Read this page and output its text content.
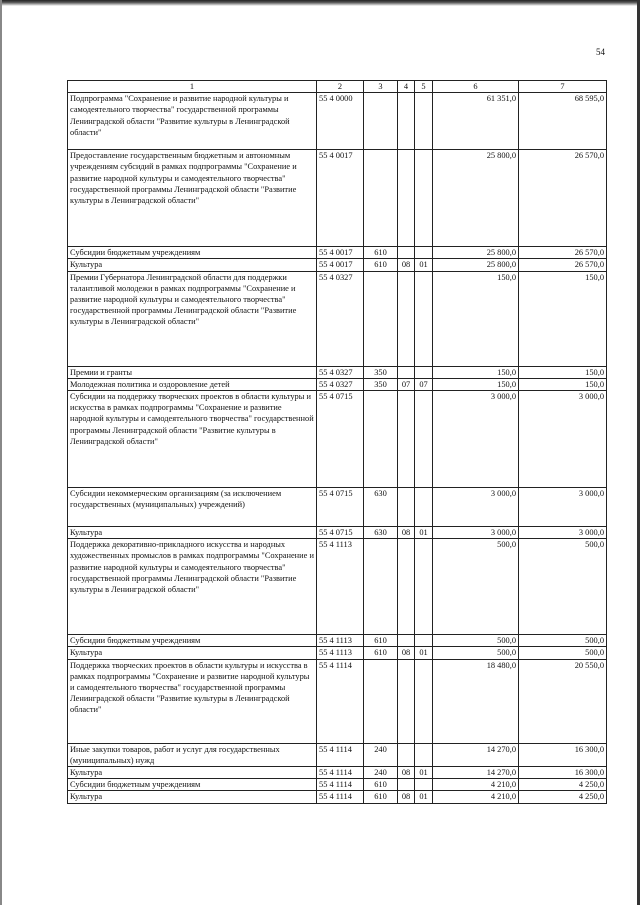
54
1	2	3	4	5	6	7
Подпрограмма "Сохранение и развитие народной культуры и самодеятельного творчества" государственной программы Ленинградской области "Развитие культуры в Ленинградской области"	55 4 0000				61 351,0	68 595,0
Предоставление государственным бюджетным и автономным учреждениям субсидий в рамках подпрограммы "Сохранение и развитие народной культуры и самодеятельного творчества" государственной программы Ленинградской области "Развитие культуры в Ленинградской области"	55 4 0017				25 800,0	26 570,0
Субсидии бюджетным учреждениям	55 4 0017	610			25 800,0	26 570,0
Культура	55 4 0017	610	08	01	25 800,0	26 570,0
Премии Губернатора Ленинградской области для поддержки талантливой молодежи в рамках подпрограммы "Сохранение и развитие народной культуры и самодеятельного творчества" государственной программы Ленинградской области "Развитие культуры в Ленинградской области"	55 4 0327				150,0	150,0
Премии и гранты	55 4 0327	350			150,0	150,0
Молодежная политика и оздоровление детей	55 4 0327	350	07	07	150,0	150,0
Субсидии на поддержку творческих проектов в области культуры и искусства в рамках подпрограммы "Сохранение и развитие народной культуры и самодеятельного творчества" государственной программы Ленинградской области "Развитие культуры в Ленинградской области"	55 4 0715				3 000,0	3 000,0
Субсидии некоммерческим организациям (за исключением государственных (муниципальных) учреждений)	55 4 0715	630			3 000,0	3 000,0
Культура	55 4 0715	630	08	01	3 000,0	3 000,0
Поддержка декоративно-прикладного искусства и народных художественных промыслов в рамках подпрограммы "Сохранение и развитие народной культуры и самодеятельного творчества" государственной программы Ленинградской области "Развитие культуры в Ленинградской области"	55 4 1113				500,0	500,0
Субсидии бюджетным учреждениям	55 4 1113	610			500,0	500,0
Культура	55 4 1113	610	08	01	500,0	500,0
Поддержка творческих проектов в области культуры и искусства в рамках подпрограммы "Сохранение и развитие народной культуры и самодеятельного творчества" государственной программы Ленинградской области "Развитие культуры в Ленинградской области"	55 4 1114				18 480,0	20 550,0
Иные закупки товаров, работ и услуг для государственных (муниципальных) нужд	55 4 1114	240			14 270,0	16 300,0
Культура	55 4 1114	240	08	01	14 270,0	16 300,0
Субсидии бюджетным учреждениям	55 4 1114	610			4 210,0	4 250,0
Культура	55 4 1114	610	08	01	4 210,0	4 250,0
